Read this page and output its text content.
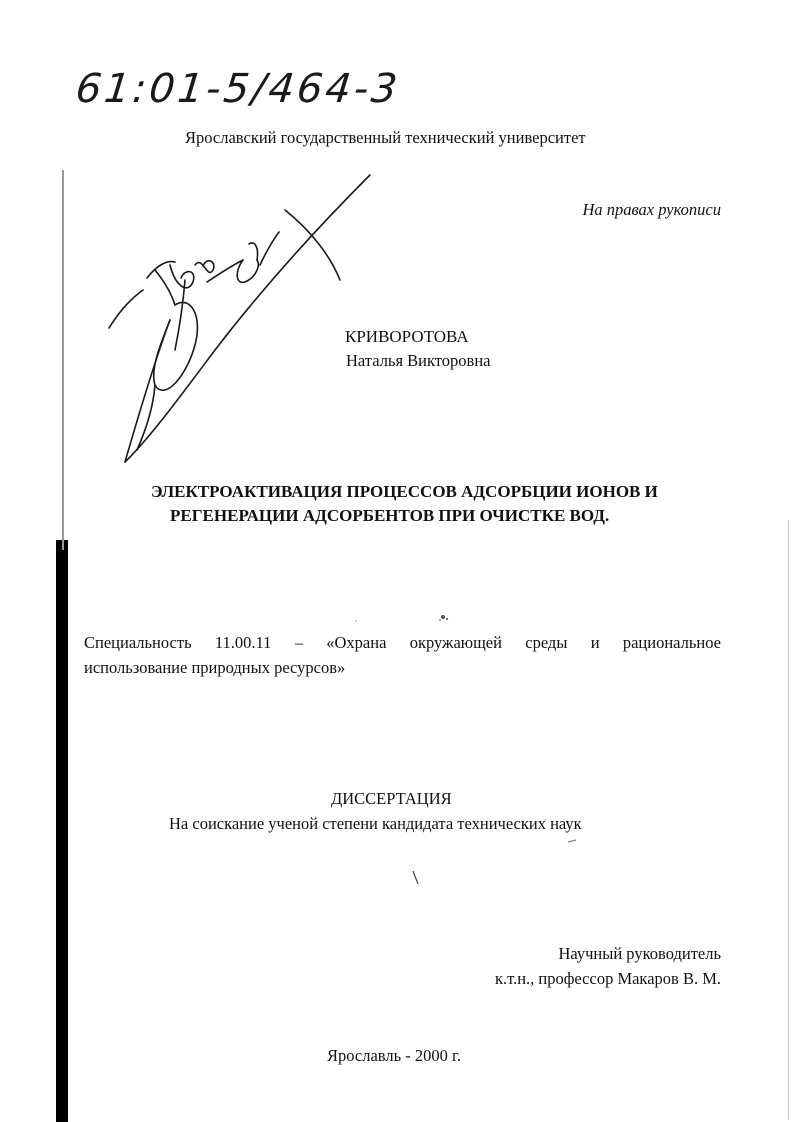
61:01-5/464-3
Ярославский государственный технический университет
На правах рукописи
КРИВОРОТОВА
Наталья Викторовна
ЭЛЕКТРОАКТИВАЦИЯ ПРОЦЕССОВ АДСОРБЦИИ ИОНОВ И
РЕГЕНЕРАЦИИ АДСОРБЕНТОВ ПРИ ОЧИСТКЕ ВОД.
Специальность 11.00.11 – «Охрана окружающей среды и рациональное
использование природных ресурсов»
ДИССЕРТАЦИЯ
На соискание ученой степени кандидата технических наук
Научный руководитель
к.т.н., профессор Макаров В. М.
Ярославль - 2000 г.
